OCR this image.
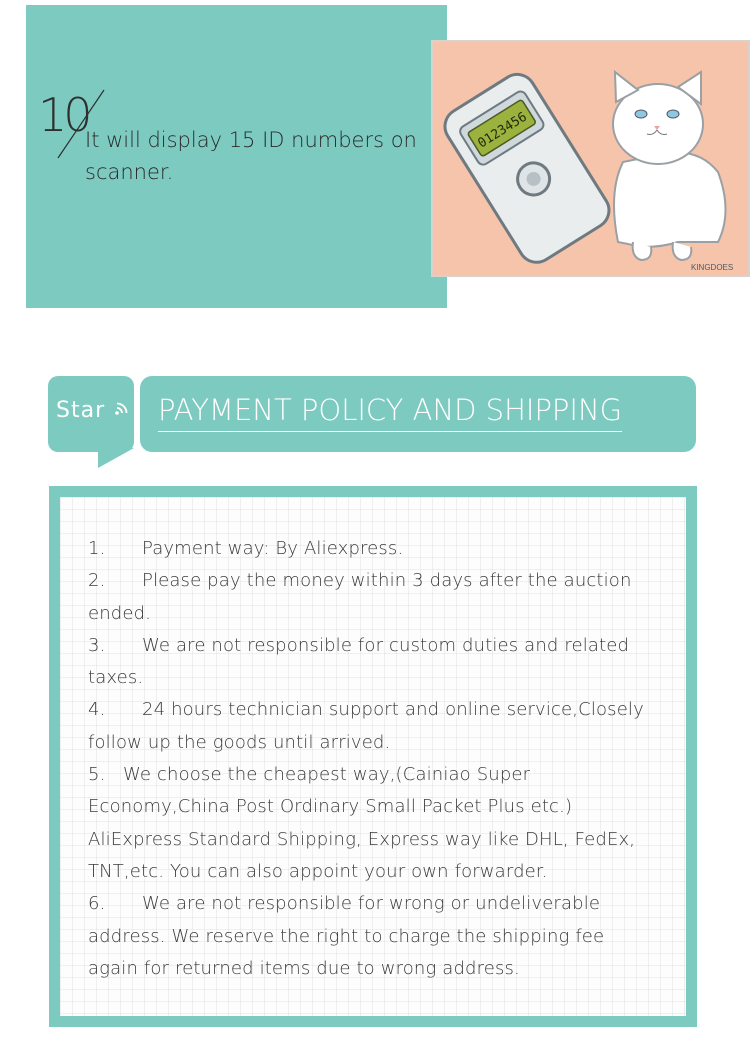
10
It will display 15 ID numbers on scanner.
0123456
KINGDOES
Star PAYMENT POLICY AND SHIPPING

1. Payment way: By Aliexpress.

2. Please pay the money within 3 days after the auction

ended.

3. We are not responsible for custom duties and related

taxes.

4. 24 hours technician support and online service,Closely

follow up the goods until arrived.

5. We choose the cheapest way,(Cainiao Super

Economy,China Post Ordinary Small Packet Plus etc.)

AliExpress Standard Shipping, Express way like DHL, FedEx,

TNT,etc. You can also appoint your own forwarder.

6. We are not responsible for wrong or undeliverable

address. We reserve the right to charge the shipping fee

again for returned items due to wrong address.
